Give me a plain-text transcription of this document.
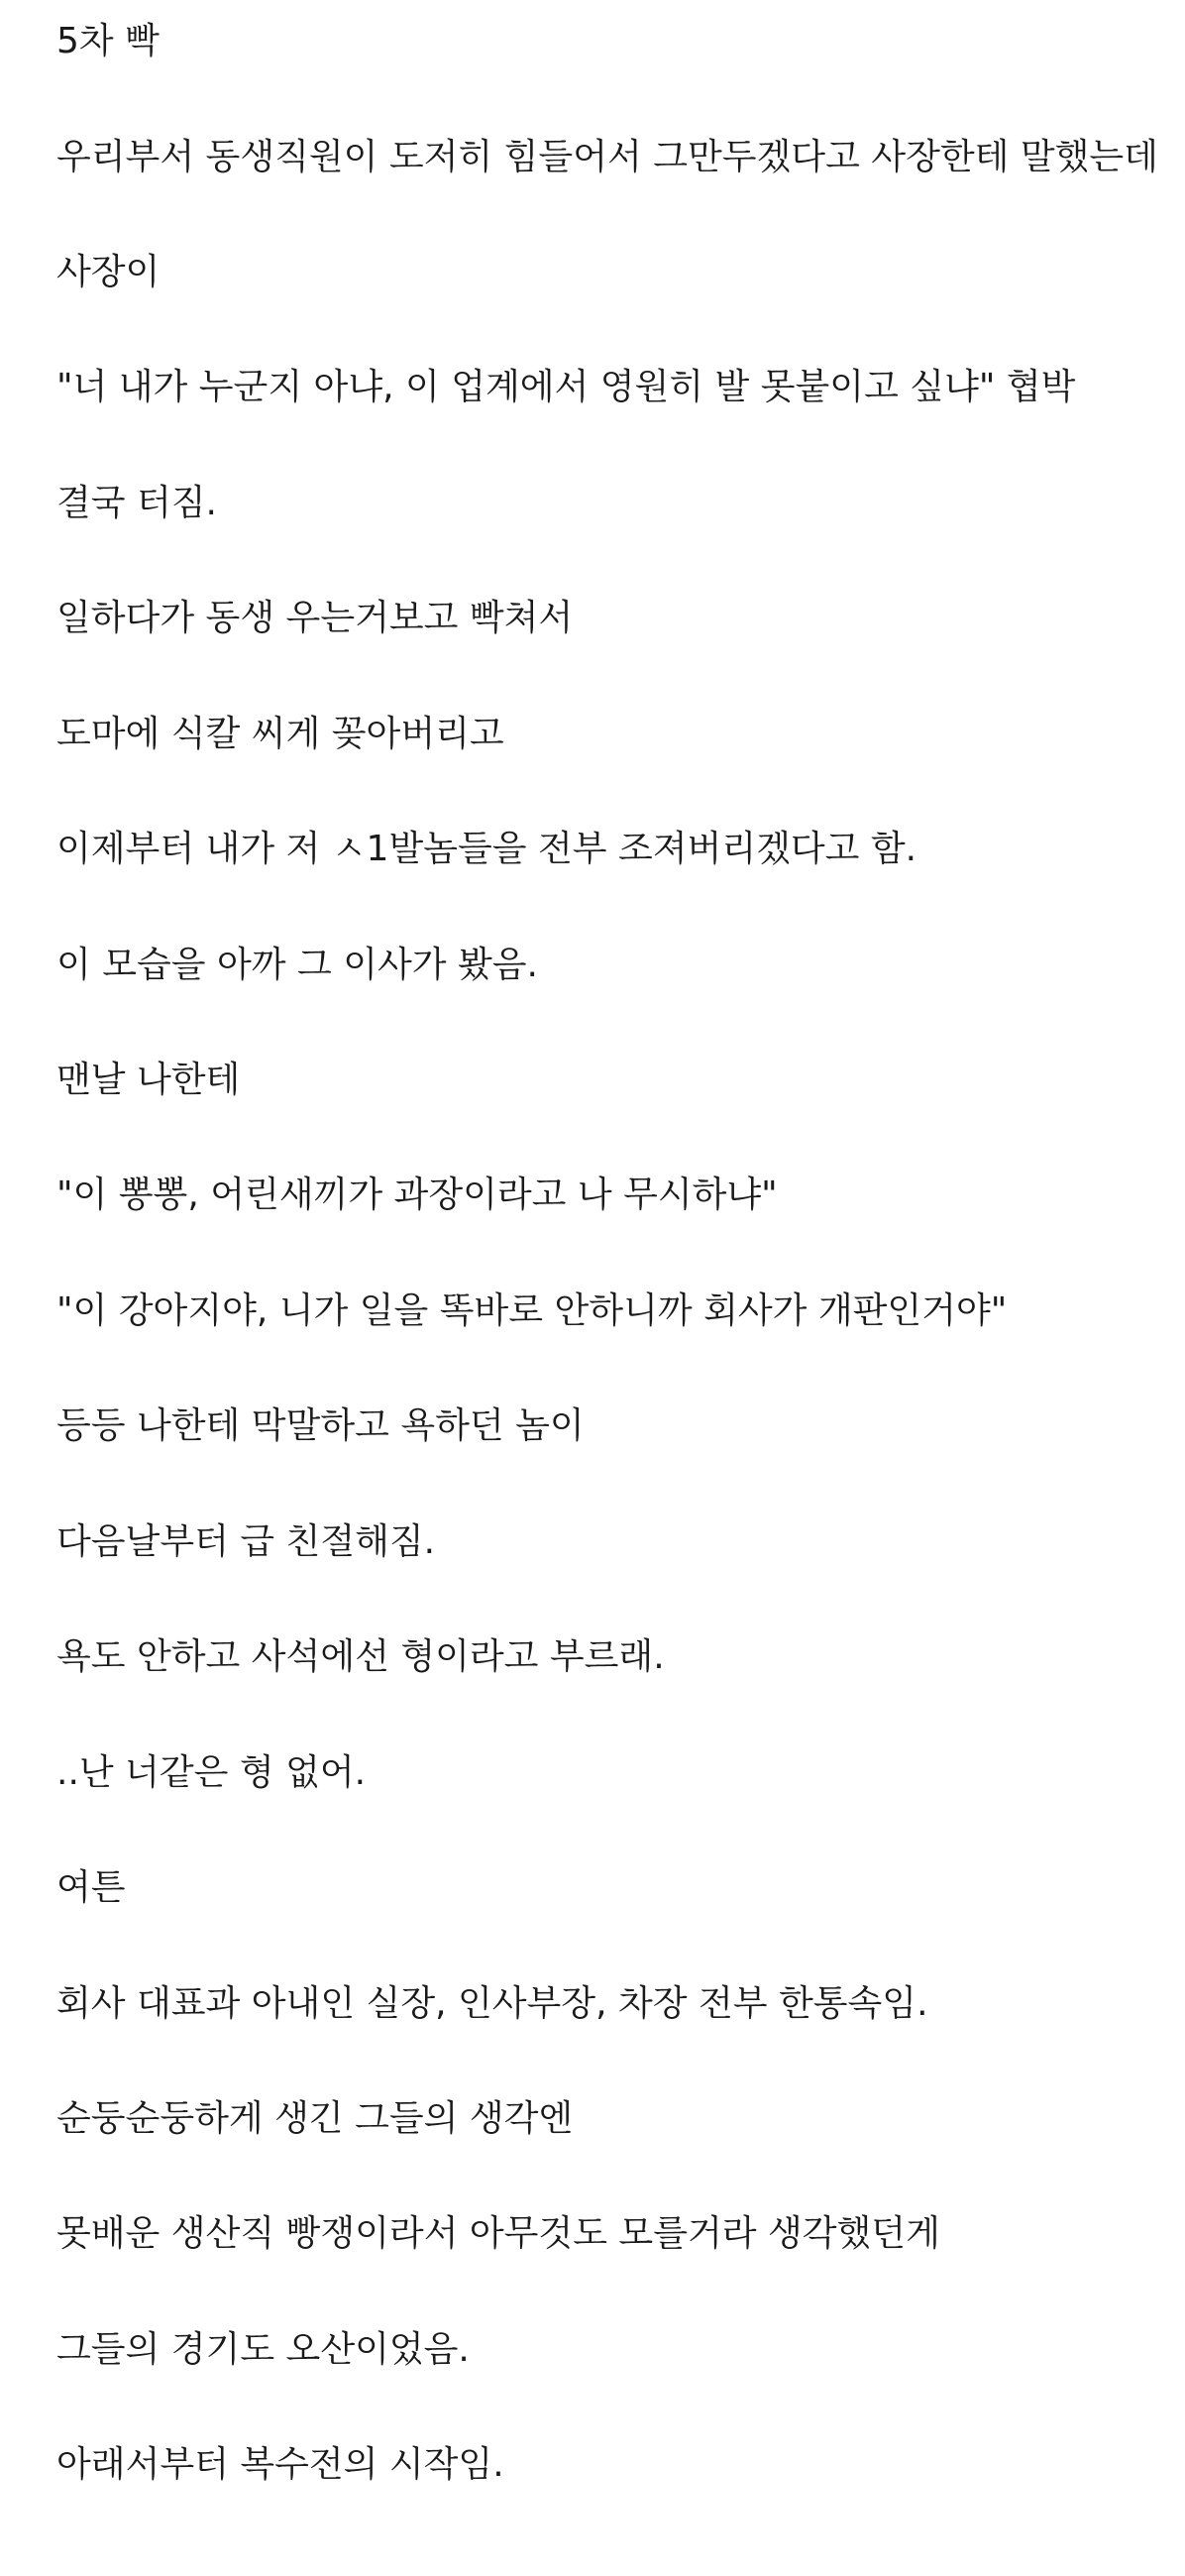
5차 빡

우리부서 동생직원이 도저히 힘들어서 그만두겠다고 사장한테 말했는데

사장이

"너 내가 누군지 아냐, 이 업계에서 영원히 발 못붙이고 싶냐" 협박

결국 터짐.

일하다가 동생 우는거보고 빡쳐서

도마에 식칼 씨게 꽂아버리고

이제부터 내가 저 ㅅ1발놈들을 전부 조져버리겠다고 함.

이 모습을 아까 그 이사가 봤음.

맨날 나한테

"이 뽕뽕, 어린새끼가 과장이라고 나 무시하냐"

"이 강아지야, 니가 일을 똑바로 안하니까 회사가 개판인거야"

등등 나한테 막말하고 욕하던 놈이

다음날부터 급 친절해짐.

욕도 안하고 사석에선 형이라고 부르래.

..난 너같은 형 없어.

여튼

회사 대표과 아내인 실장, 인사부장, 차장 전부 한통속임.

순둥순둥하게 생긴 그들의 생각엔

못배운 생산직 빵쟁이라서 아무것도 모를거라 생각했던게

그들의 경기도 오산이었음.

아래서부터 복수전의 시작임.
